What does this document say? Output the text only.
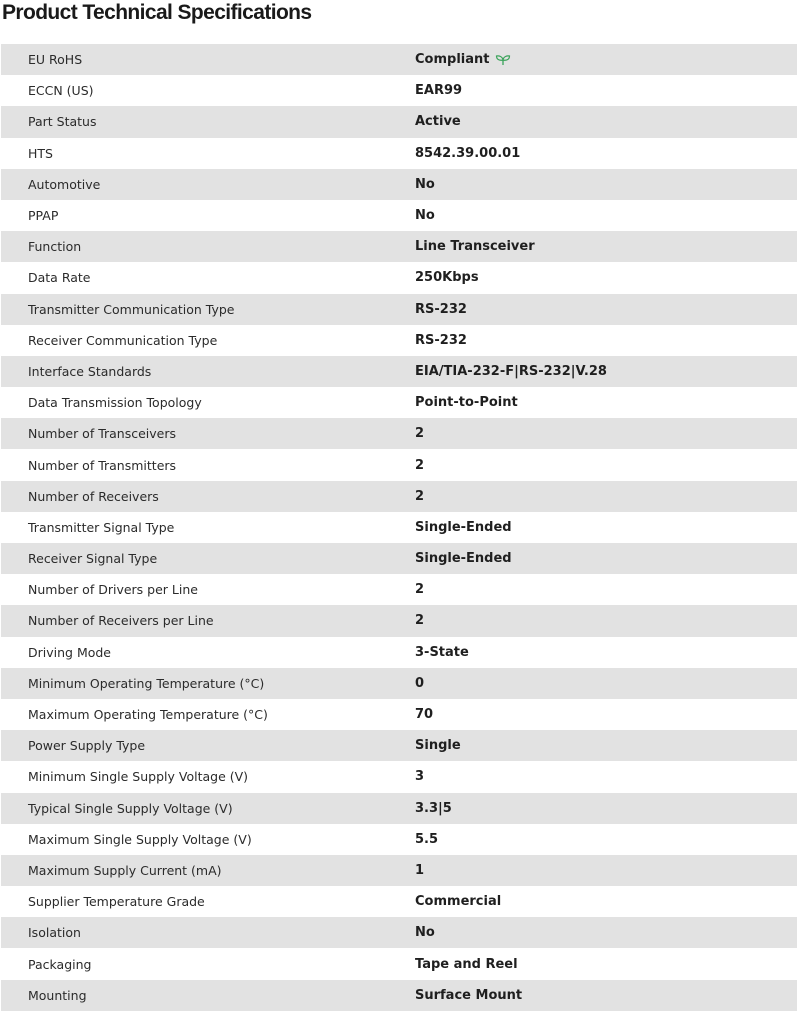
Product Technical Specifications
EU RoHS	Compliant
ECCN (US)	EAR99
Part Status	Active
HTS	8542.39.00.01
Automotive	No
PPAP	No
Function	Line Transceiver
Data Rate	250Kbps
Transmitter Communication Type	RS-232
Receiver Communication Type	RS-232
Interface Standards	EIA/TIA-232-F|RS-232|V.28
Data Transmission Topology	Point-to-Point
Number of Transceivers	2
Number of Transmitters	2
Number of Receivers	2
Transmitter Signal Type	Single-Ended
Receiver Signal Type	Single-Ended
Number of Drivers per Line	2
Number of Receivers per Line	2
Driving Mode	3-State
Minimum Operating Temperature (°C)	0
Maximum Operating Temperature (°C)	70
Power Supply Type	Single
Minimum Single Supply Voltage (V)	3
Typical Single Supply Voltage (V)	3.3|5
Maximum Single Supply Voltage (V)	5.5
Maximum Supply Current (mA)	1
Supplier Temperature Grade	Commercial
Isolation	No
Packaging	Tape and Reel
Mounting	Surface Mount
